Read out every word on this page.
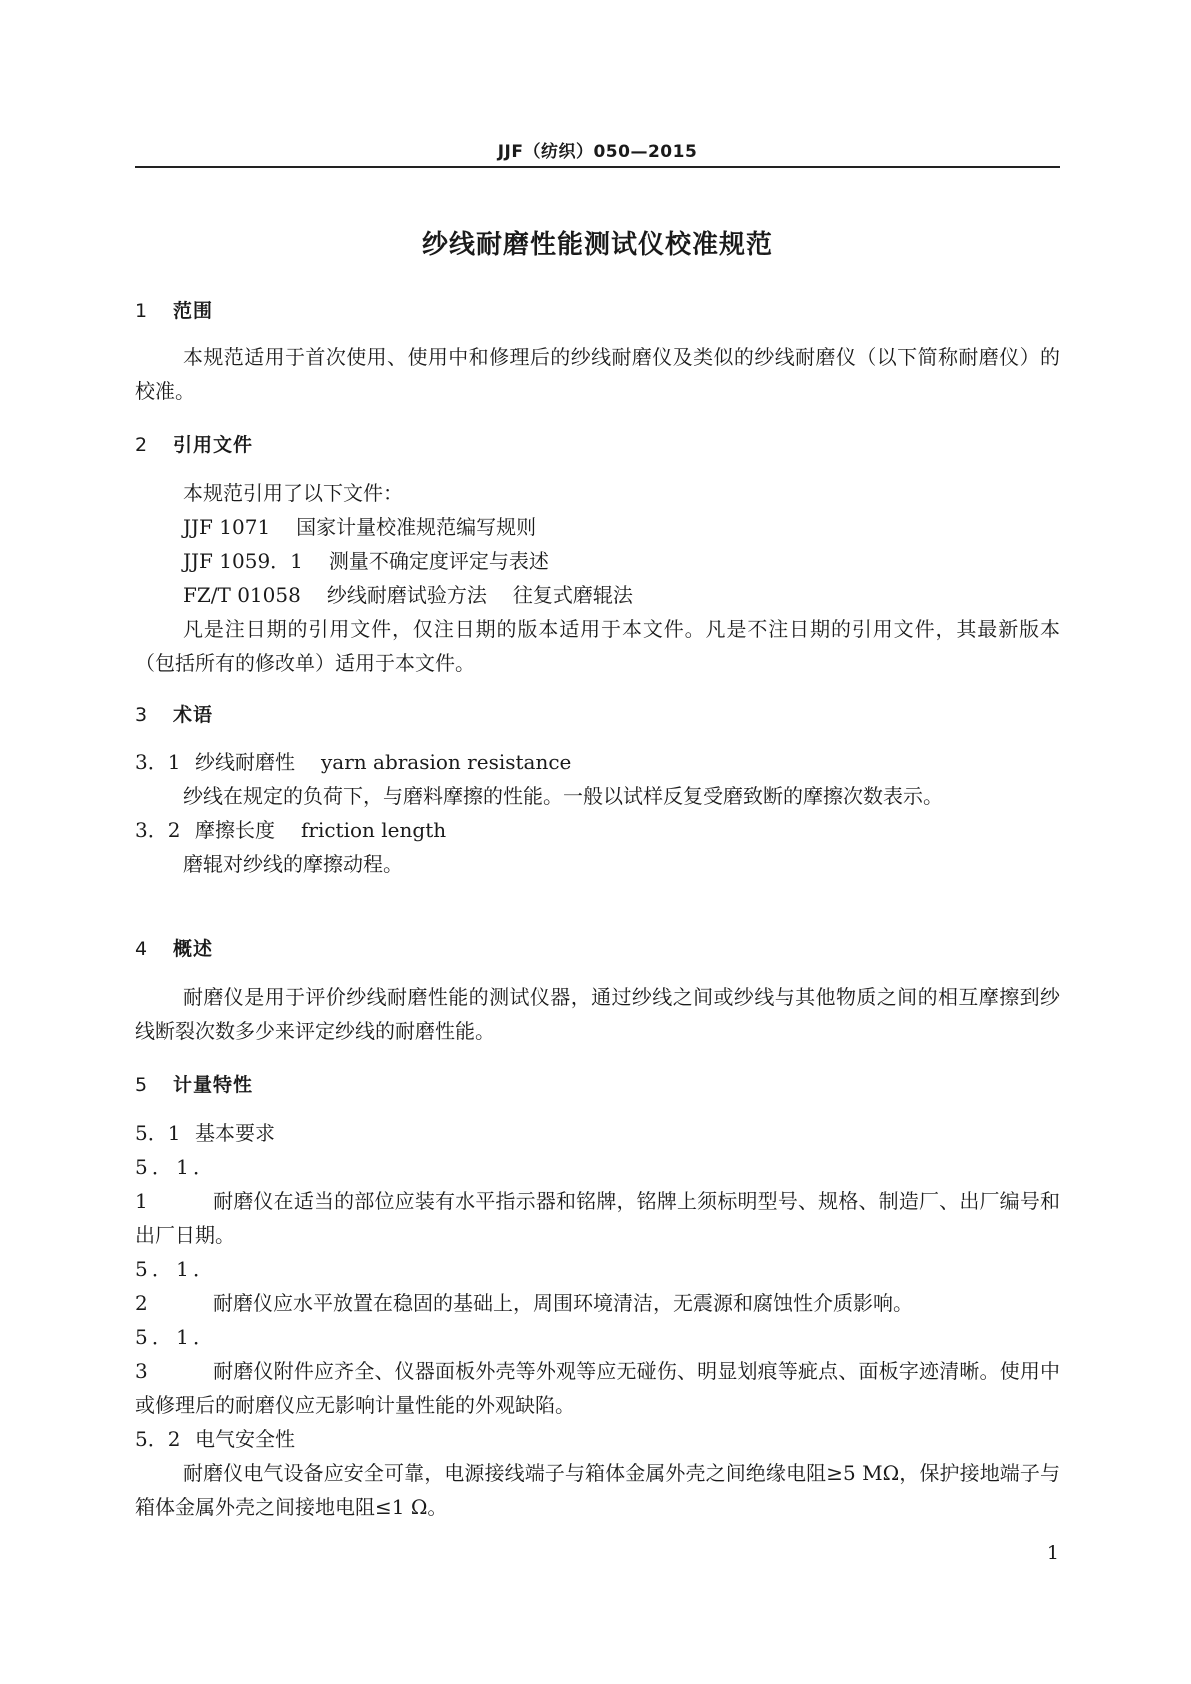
JJF（纺织）050—2015
纱线耐磨性能测试仪校准规范
1 范围

本规范适用于首次使用、使用中和修理后的纱线耐磨仪及类似的纱线耐磨仪（以下简称耐磨仪）的校准。

2 引用文件

本规范引用了以下文件：

JJF 1071 国家计量校准规范编写规则

JJF 1059．1 测量不确定度评定与表述

FZ/T 01058 纱线耐磨试验方法 往复式磨辊法

凡是注日期的引用文件，仅注日期的版本适用于本文件。凡是不注日期的引用文件，其最新版本（包括所有的修改单）适用于本文件。

3 术语

3．1 纱线耐磨性 yarn abrasion resistance

纱线在规定的负荷下，与磨料摩擦的性能。一般以试样反复受磨致断的摩擦次数表示。

3．2 摩擦长度 friction length

磨辊对纱线的摩擦动程。

4 概述

耐磨仪是用于评价纱线耐磨性能的测试仪器，通过纱线之间或纱线与其他物质之间的相互摩擦到纱线断裂次数多少来评定纱线的耐磨性能。

5 计量特性

5．1 基本要求

5．1．1	耐磨仪在适当的部位应装有水平指示器和铭牌，铭牌上须标明型号、规格、制造厂、出厂编号和出厂日期。

5．1．2	耐磨仪应水平放置在稳固的基础上，周围环境清洁，无震源和腐蚀性介质影响。

5．1．3	耐磨仪附件应齐全、仪器面板外壳等外观等应无碰伤、明显划痕等疵点、面板字迹清晰。使用中或修理后的耐磨仪应无影响计量性能的外观缺陷。

5．2 电气安全性

耐磨仪电气设备应安全可靠，电源接线端子与箱体金属外壳之间绝缘电阻≥5 MΩ，保护接地端子与箱体金属外壳之间接地电阻≤1 Ω。

1
